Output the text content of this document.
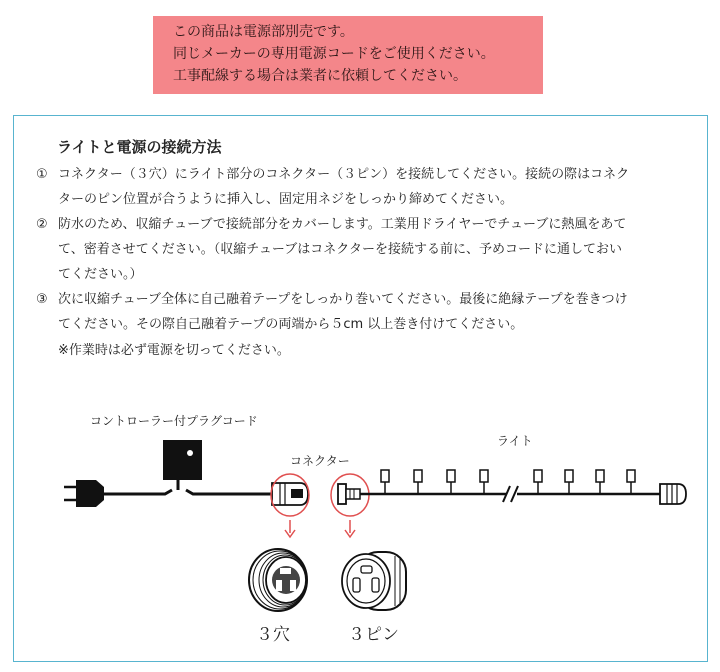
この商品は電源部別売です。
同じメーカーの専用電源コードをご使用ください。
工事配線する場合は業者に依頼してください。
ライトと電源の接続方法
① コネクター（３穴）にライト部分のコネクター（３ピン）を接続してください。接続の際はコネク
ターのピン位置が合うように挿入し、固定用ネジをしっかり締めてください。
② 防水のため、収縮チューブで接続部分をカバーします。工業用ドライヤーでチューブに熱風をあて
て、密着させてください。（収縮チューブはコネクターを接続する前に、予めコードに通しておい
てください。）
③ 次に収縮チューブ全体に自己融着テープをしっかり巻いてください。最後に絶縁テープを巻きつけ
てください。その際自己融着テープの両端から５cm 以上巻き付けてください。
※作業時は必ず電源を切ってください。
コントローラー付プラグコード
コネクター
ライト
３穴	３ピン
